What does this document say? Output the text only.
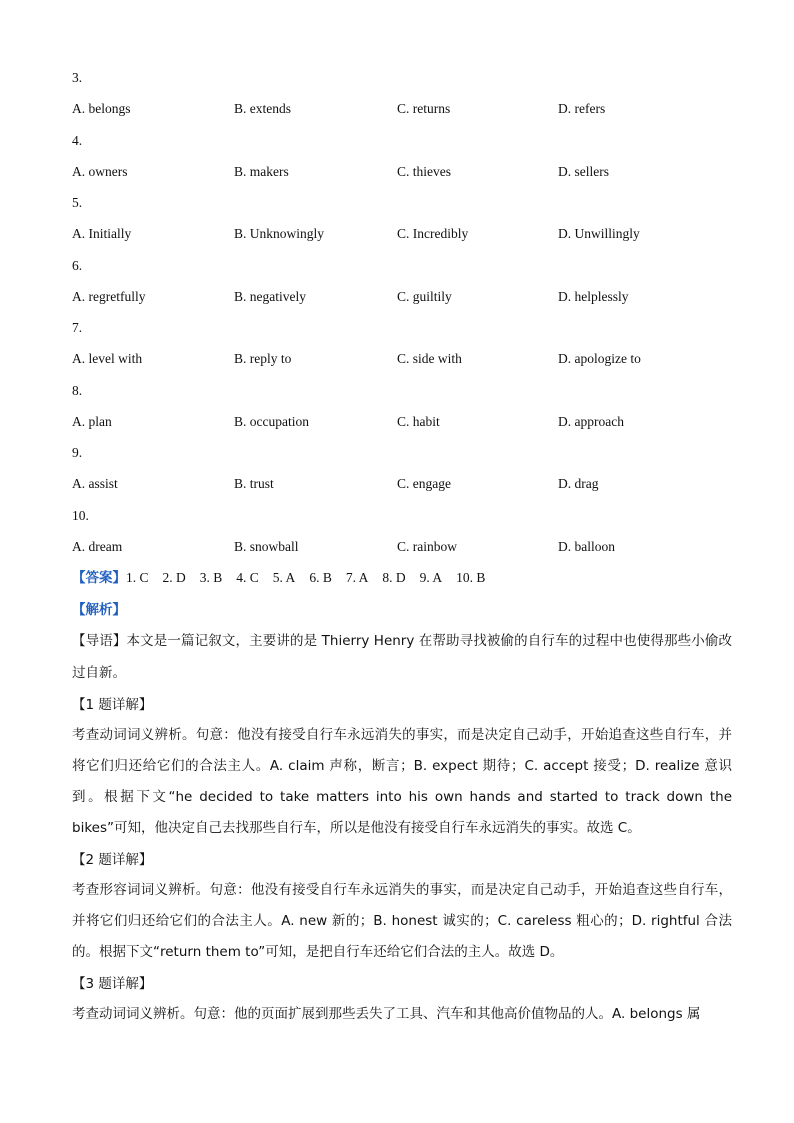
3.
A. belongs	B. extends	C. returns	D. refers
4.
A. owners	B. makers	C. thieves	D. sellers
5.
A. Initially	B. Unknowingly	C. Incredibly	D. Unwillingly
6.
A. regretfully	B. negatively	C. guiltily	D. helplessly
7.
A. level with	B. reply to	C. side with	D. apologize to
8.
A. plan	B. occupation	C. habit	D. approach
9.
A. assist	B. trust	C. engage	D. drag
10.
A. dream	B. snowball	C. rainbow	D. balloon
【答案】1. C 2. D 3. B 4. C 5. A 6. B 7. A 8. D 9. A 10. B
【解析】

【导语】本文是一篇记叙文，主要讲的是 Thierry Henry 在帮助寻找被偷的自行车的过程中也使得那些小偷改过自新。

【1 题详解】

考查动词词义辨析。句意：他没有接受自行车永远消失的事实，而是决定自己动手，开始追查这些自行车，并将它们归还给它们的合法主人。A. claim 声称，断言；B. expect 期待；C. accept 接受；D. realize 意识到。根据下文“he decided to take matters into his own hands and started to track down the bikes”可知，他决定自己去找那些自行车，所以是他没有接受自行车永远消失的事实。故选 C。

【2 题详解】

考查形容词词义辨析。句意：他没有接受自行车永远消失的事实，而是决定自己动手，开始追查这些自行车，并将它们归还给它们的合法主人。A. new 新的；B. honest 诚实的；C. careless 粗心的；D. rightful 合法的。根据下文“return them to”可知，是把自行车还给它们合法的主人。故选 D。

【3 题详解】

考查动词词义辨析。句意：他的页面扩展到那些丢失了工具、汽车和其他高价值物品的人。A. belongs 属
